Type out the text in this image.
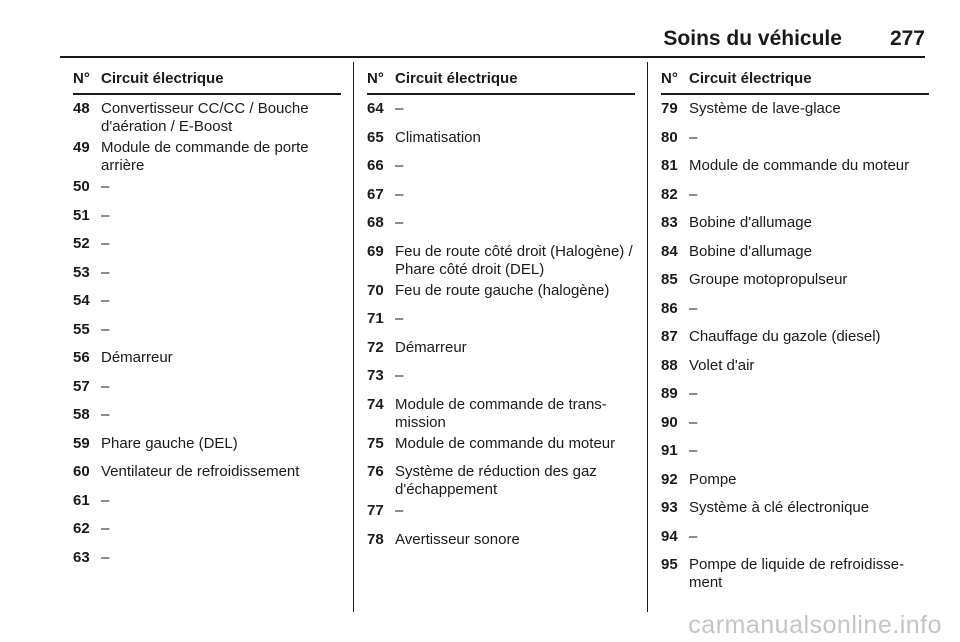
Soins du véhicule 277
N° Circuit électrique
48 Convertisseur CC/CC / Bouche d'aération / E-Boost
49 Module de commande de porte arrière
50 –
51 –
52 –
53 –
54 –
55 –
56 Démarreur
57 –
58 –
59 Phare gauche (DEL)
60 Ventilateur de refroidissement
61 –
62 –
63 –
N° Circuit électrique
64 –
65 Climatisation
66 –
67 –
68 –
69 Feu de route côté droit (Halogène) / Phare côté droit (DEL)
70 Feu de route gauche (halogène)
71 –
72 Démarreur
73 –
74 Module de commande de transmission
75 Module de commande du moteur
76 Système de réduction des gaz d'échappement
77 –
78 Avertisseur sonore
N° Circuit électrique
79 Système de lave-glace
80 –
81 Module de commande du moteur
82 –
83 Bobine d'allumage
84 Bobine d'allumage
85 Groupe motopropulseur
86 –
87 Chauffage du gazole (diesel)
88 Volet d'air
89 –
90 –
91 –
92 Pompe
93 Système à clé électronique
94 –
95 Pompe de liquide de refroidissement
carmanualsonline.info
